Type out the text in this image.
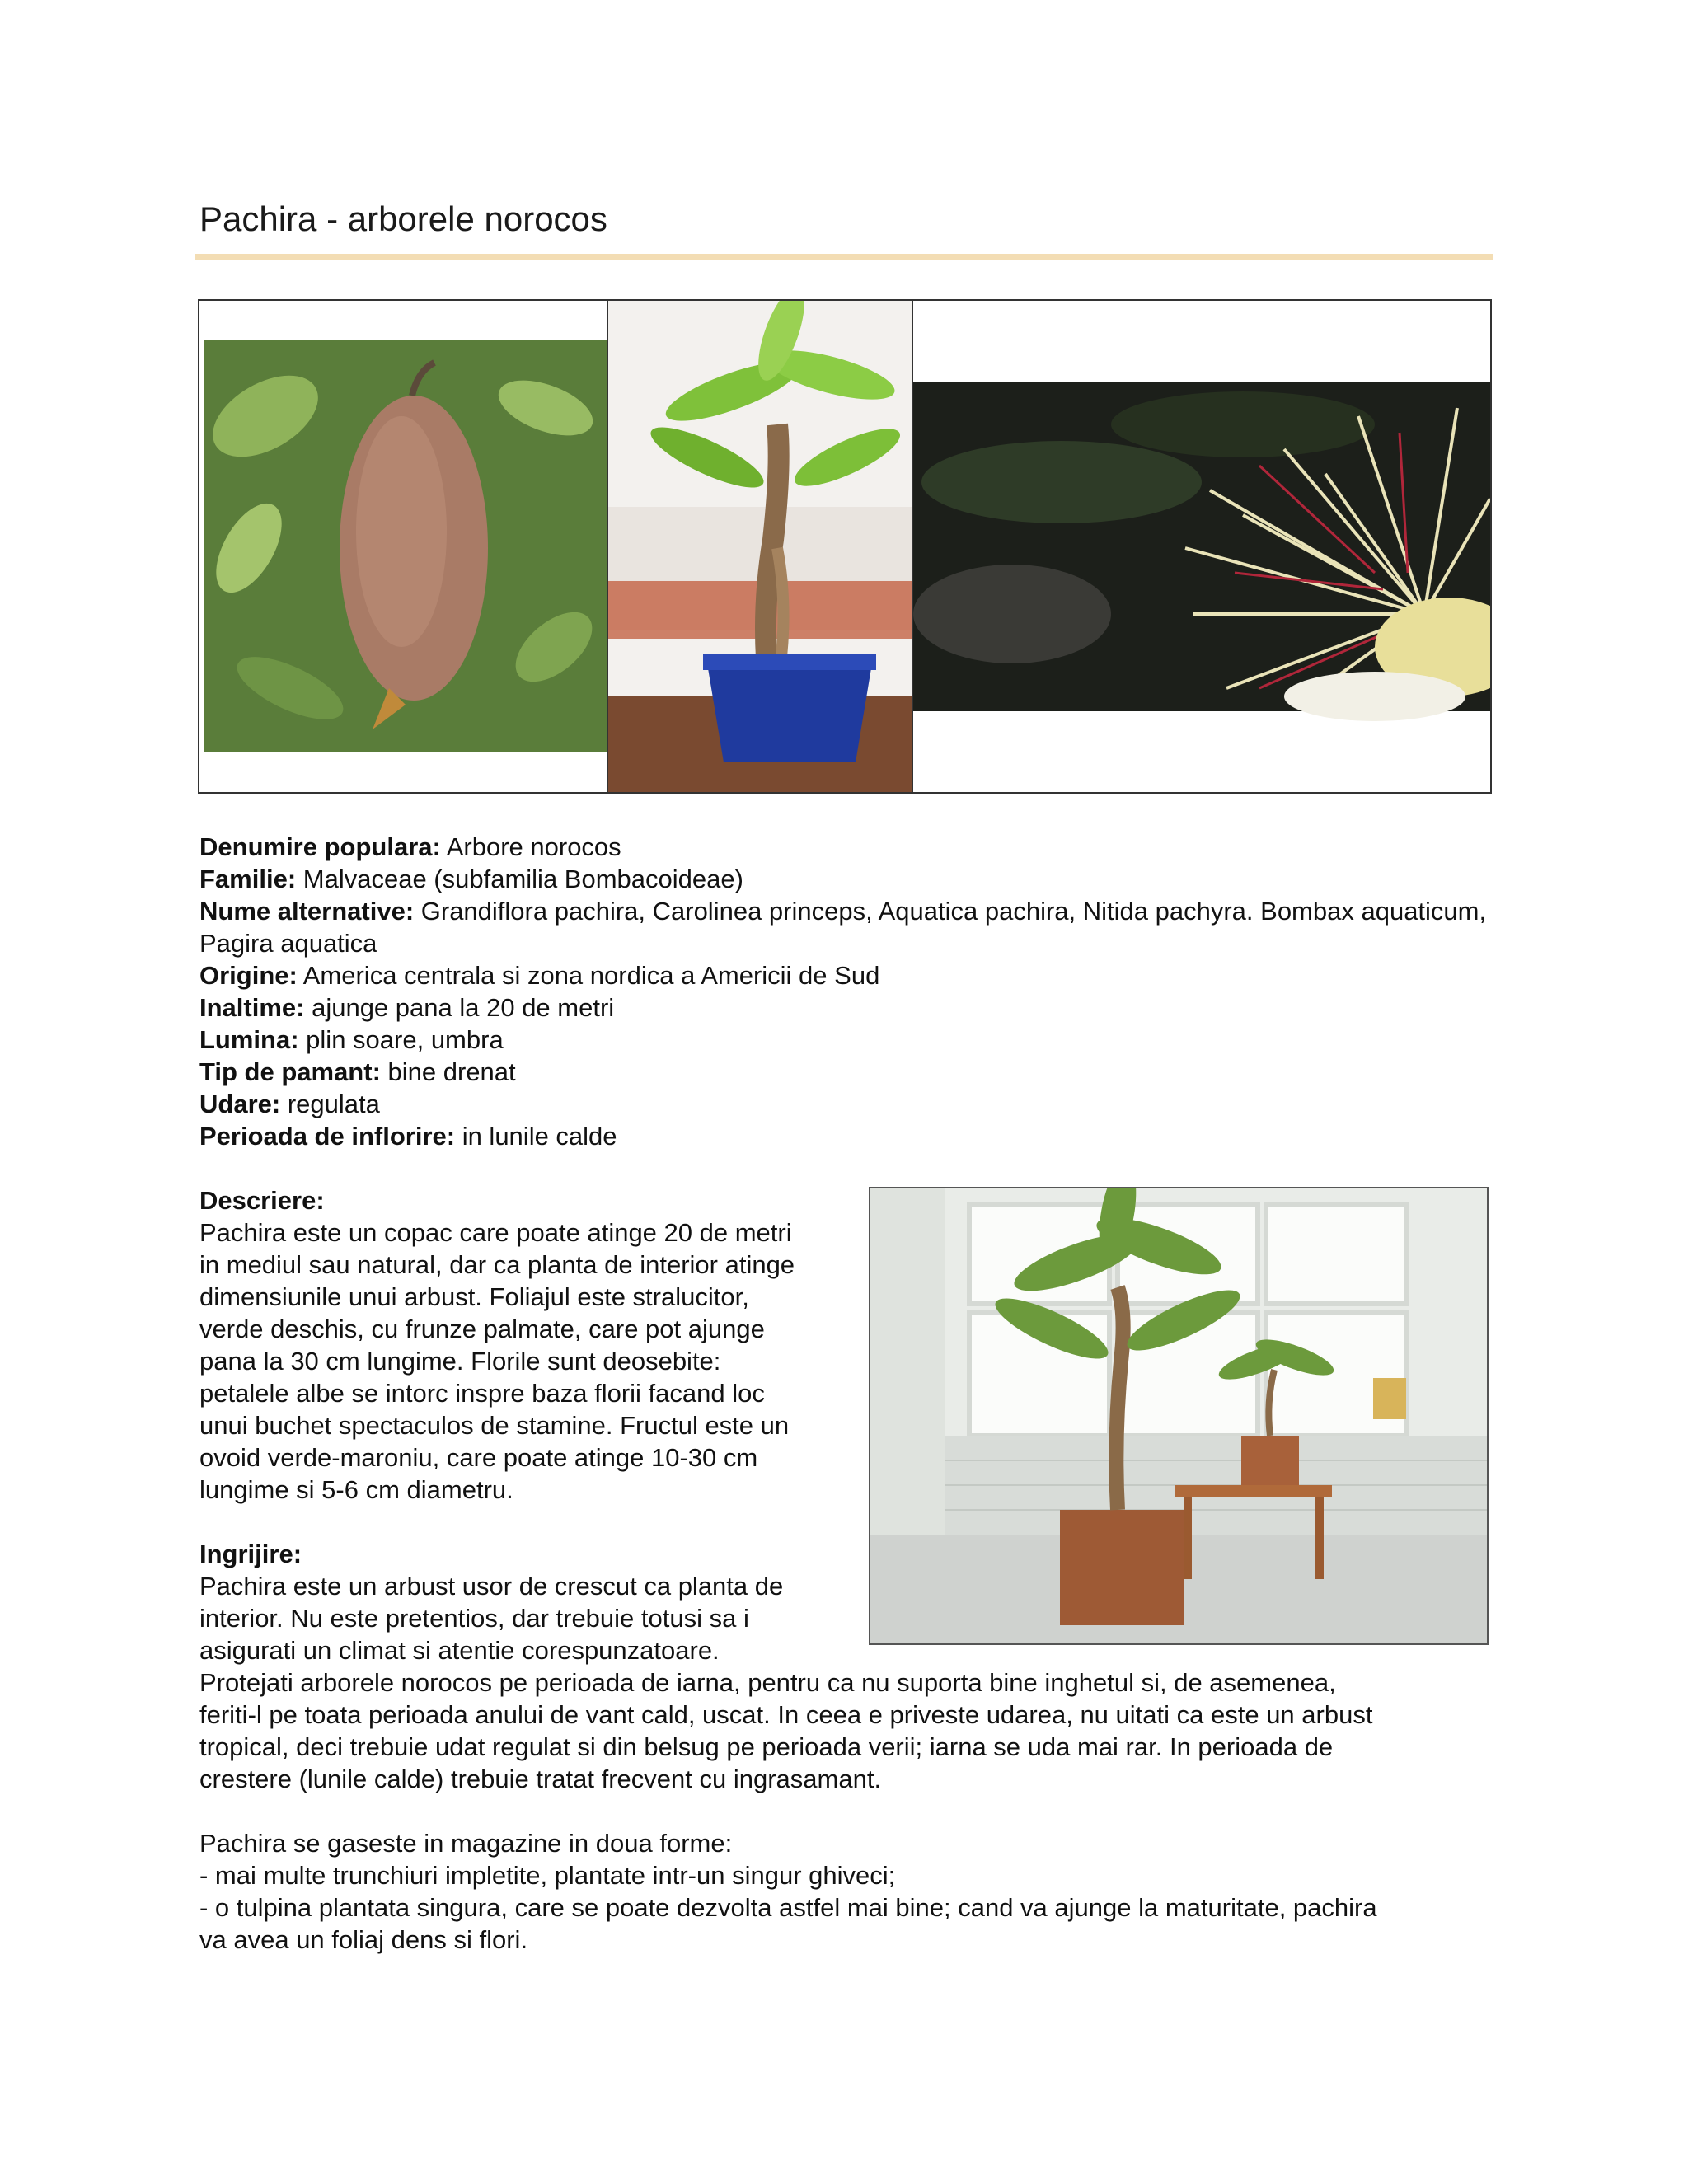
Pachira - arborele norocos

Denumire populara: Arbore norocos

Familie: Malvaceae (subfamilia Bombacoideae)

Nume alternative: Grandiflora pachira, Carolinea princeps, Aquatica pachira, Nitida pachyra. Bombax aquaticum, Pagira aquatica

Origine: America centrala si zona nordica a Americii de Sud

Inaltime: ajunge pana la 20 de metri

Lumina: plin soare, umbra

Tip de pamant: bine drenat

Udare: regulata

Perioada de inflorire: in lunile calde

Descriere:

Pachira este un copac care poate atinge 20 de metri

in mediul sau natural, dar ca planta de interior atinge

dimensiunile unui arbust. Foliajul este stralucitor,

verde deschis, cu frunze palmate, care pot ajunge

pana la 30 cm lungime. Florile sunt deosebite:

petalele albe se intorc inspre baza florii facand loc

unui buchet spectaculos de stamine. Fructul este un

ovoid verde-maroniu, care poate atinge 10-30 cm

lungime si 5-6 cm diametru.

Ingrijire:

Pachira este un arbust usor de crescut ca planta de

interior. Nu este pretentios, dar trebuie totusi sa i

asigurati un climat si atentie corespunzatoare.

Protejati arborele norocos pe perioada de iarna, pentru ca nu suporta bine inghetul si, de asemenea,

feriti-l pe toata perioada anului de vant cald, uscat. In ceea e priveste udarea, nu uitati ca este un arbust

tropical, deci trebuie udat regulat si din belsug pe perioada verii; iarna se uda mai rar. In perioada de

crestere (lunile calde) trebuie tratat frecvent cu ingrasamant.

Pachira se gaseste in magazine in doua forme:

- mai multe trunchiuri impletite, plantate intr-un singur ghiveci;

- o tulpina plantata singura, care se poate dezvolta astfel mai bine; cand va ajunge la maturitate, pachira

va avea un foliaj dens si flori.
